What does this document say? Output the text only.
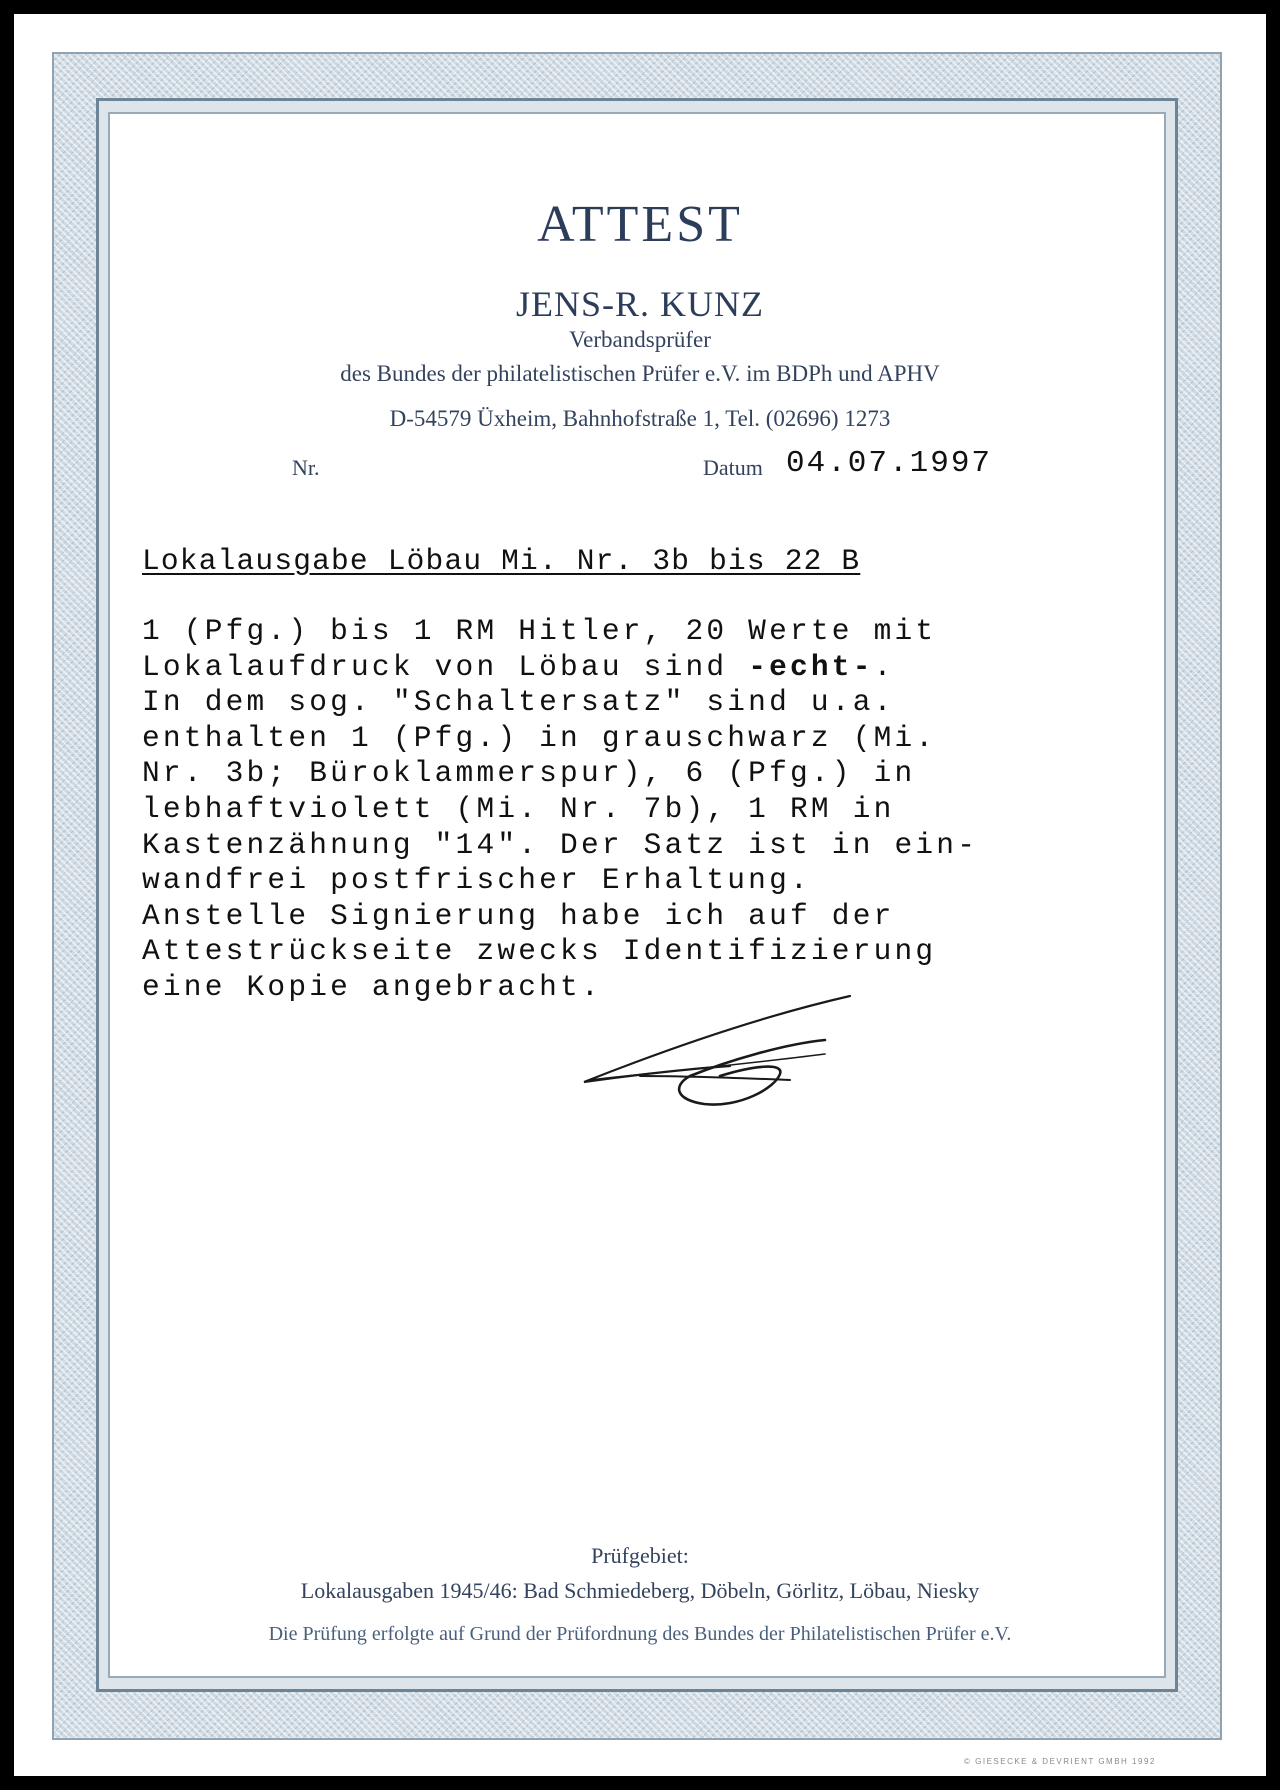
ATTEST
JENS-R. KUNZ
Verbandsprüfer
des Bundes der philatelistischen Prüfer e.V. im BDPh und APHV
D-54579 Üxheim, Bahnhofstraße 1, Tel. (02696) 1273
Nr.	Datum 04.07.1997
Lokalausgabe Löbau Mi. Nr. 3b bis 22 B
1 (Pfg.) bis 1 RM Hitler, 20 Werte mit
Lokalaufdruck von Löbau sind -echt-.
In dem sog. "Schaltersatz" sind u.a.
enthalten 1 (Pfg.) in grauschwarz (Mi.
Nr. 3b; Büroklammerspur), 6 (Pfg.) in
lebhaftviolett (Mi. Nr. 7b), 1 RM in
Kastenzähnung "14". Der Satz ist in ein-
wandfrei postfrischer Erhaltung.
Anstelle Signierung habe ich auf der
Attestrückseite zwecks Identifizierung
eine Kopie angebracht.
Prüfgebiet:
Lokalausgaben 1945/46: Bad Schmiedeberg, Döbeln, Görlitz, Löbau, Niesky
Die Prüfung erfolgte auf Grund der Prüfordnung des Bundes der Philatelistischen Prüfer e.V.
© GIESECKE & DEVRIENT GMBH 1992
